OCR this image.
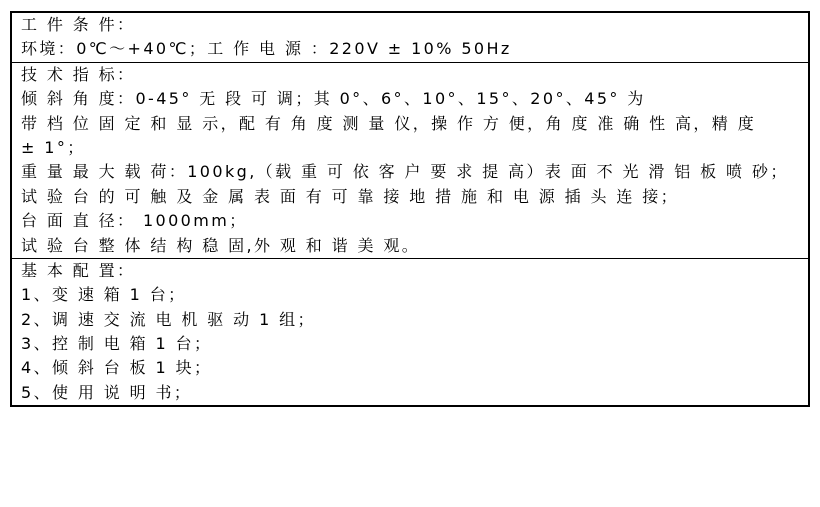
工 件 条 件：
环境：0℃～+40℃；工 作 电 源 ：220V ± 10% 50Hz
技 术 指 标：
倾 斜 角 度：0-45° 无 段 可 调；其 0°、6°、10°、15°、20°、45° 为
带 档 位 固 定 和 显 示，配 有 角 度 测 量 仪，操 作 方 便，角 度 准 确 性 高，精 度
± 1°；
重 量 最 大 载 荷：100kg,（载 重 可 依 客 户 要 求 提 高）表 面 不 光 滑 铝 板 喷 砂；
试 验 台 的 可 触 及 金 属 表 面 有 可 靠 接 地 措 施 和 电 源 插 头 连 接；
台 面 直 径： 1000mm；
试 验 台 整 体 结 构 稳 固,外 观 和 谐 美 观。
基 本 配 置：
1、变 速 箱 1 台；
2、调 速 交 流 电 机 驱 动 1 组；
3、控 制 电 箱 1 台；
4、倾 斜 台 板 1 块；
5、使 用 说 明 书；
